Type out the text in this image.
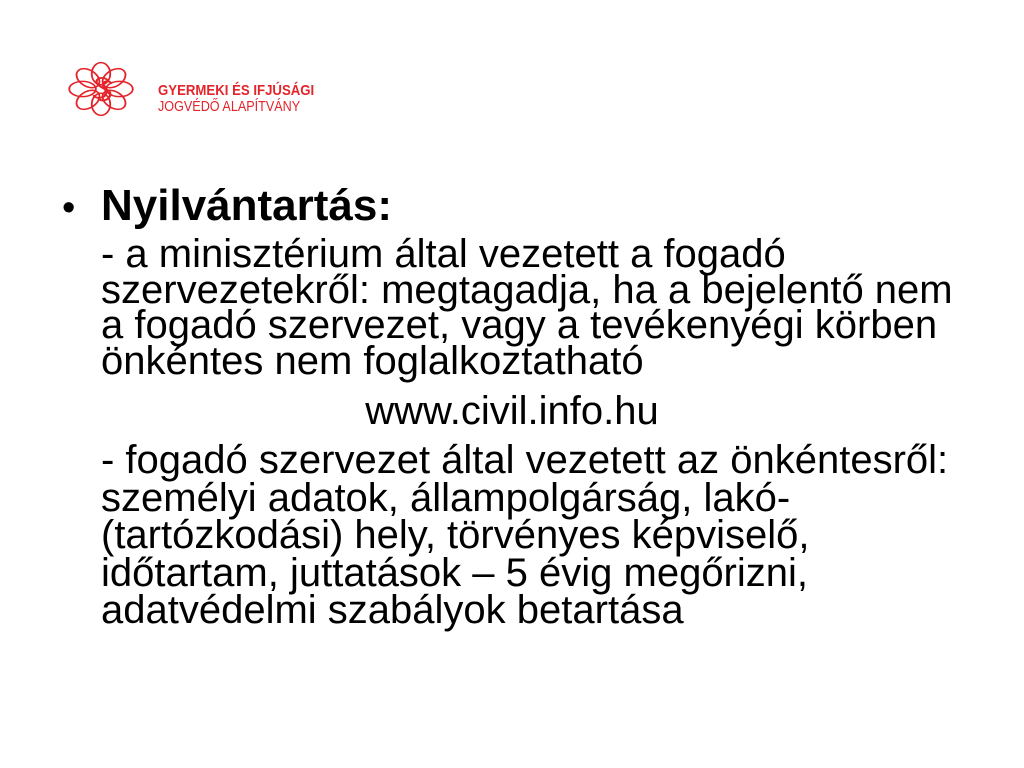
GYERMEKI ÉS IFJÚSÁGI
JOGVÉDŐ ALAPÍTVÁNY
• Nyilvántartás:
- a minisztérium által vezetett a fogadó
szervezetekről: megtagadja, ha a bejelentő nem
a fogadó szervezet, vagy a tevékenyégi körben
önkéntes nem foglalkoztatható
www.civil.info.hu
- fogadó szervezet által vezetett az önkéntesről:
személyi adatok, állampolgárság, lakó-
(tartózkodási) hely, törvényes képviselő,
időtartam, juttatások – 5 évig megőrizni,
adatvédelmi szabályok betartása
